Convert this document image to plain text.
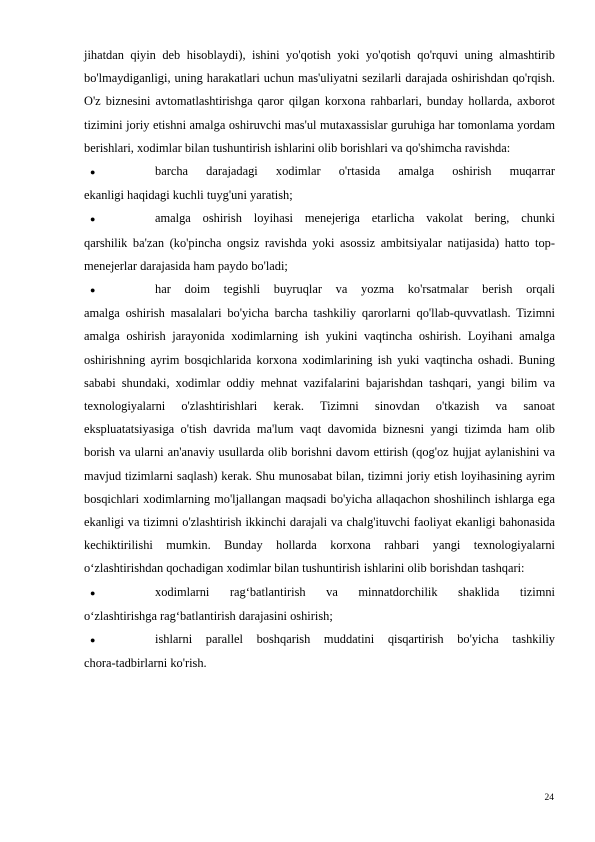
jihatdan qiyin deb hisoblaydi), ishini yo'qotish yoki yo'qotish qo'rquvi uning almashtirib bo'lmaydiganligi, uning harakatlari uchun mas'uliyatni sezilarli darajada oshirishdan qo'rqish. O'z biznesini avtomatlashtirishga qaror qilgan korxona rahbarlari, bunday hollarda, axborot tizimini joriy etishni amalga oshiruvchi mas'ul mutaxassislar guruhiga har tomonlama yordam berishlari, xodimlar bilan tushuntirish ishlarini olib borishlari va qo'shimcha ravishda:

●	barcha darajadagi xodimlar o'rtasida amalga oshirish muqarrar

ekanligi haqidagi kuchli tuyg'uni yaratish;

●	amalga oshirish loyihasi menejeriga etarlicha vakolat bering, chunki

qarshilik ba'zan (ko'pincha ongsiz ravishda yoki asossiz ambitsiyalar natijasida) hatto top-menejerlar darajasida ham paydo bo'ladi;

●	har doim tegishli buyruqlar va yozma ko'rsatmalar berish orqali

amalga oshirish masalalari bo'yicha barcha tashkiliy qarorlarni qo'llab-quvvatlash. Tizimni amalga oshirish jarayonida xodimlarning ish yukini vaqtincha oshirish. Loyihani amalga oshirishning ayrim bosqichlarida korxona xodimlarining ish yuki vaqtincha oshadi. Buning sababi shundaki, xodimlar oddiy mehnat vazifalarini bajarishdan tashqari, yangi bilim va texnologiyalarni o'zlashtirishlari kerak. Tizimni sinovdan o'tkazish va sanoat ekspluatatsiyasiga o'tish davrida ma'lum vaqt davomida biznesni yangi tizimda ham olib borish va ularni an'anaviy usullarda olib borishni davom ettirish (qog'oz hujjat aylanishini va mavjud tizimlarni saqlash) kerak. Shu munosabat bilan, tizimni joriy etish loyihasining ayrim bosqichlari xodimlarning mo'ljallangan maqsadi bo'yicha allaqachon shoshilinch ishlarga ega ekanligi va tizimni o'zlashtirish ikkinchi darajali va chalg'ituvchi faoliyat ekanligi bahonasida kechiktirilishi mumkin. Bunday hollarda korxona rahbari yangi texnologiyalarni o‘zlashtirishdan qochadigan xodimlar bilan tushuntirish ishlarini olib borishdan tashqari:

●	xodimlarni rag‘batlantirish va minnatdorchilik shaklida tizimni

o‘zlashtirishga rag‘batlantirish darajasini oshirish;

●	ishlarni parallel boshqarish muddatini qisqartirish bo'yicha tashkiliy

chora-tadbirlarni ko'rish.

24
